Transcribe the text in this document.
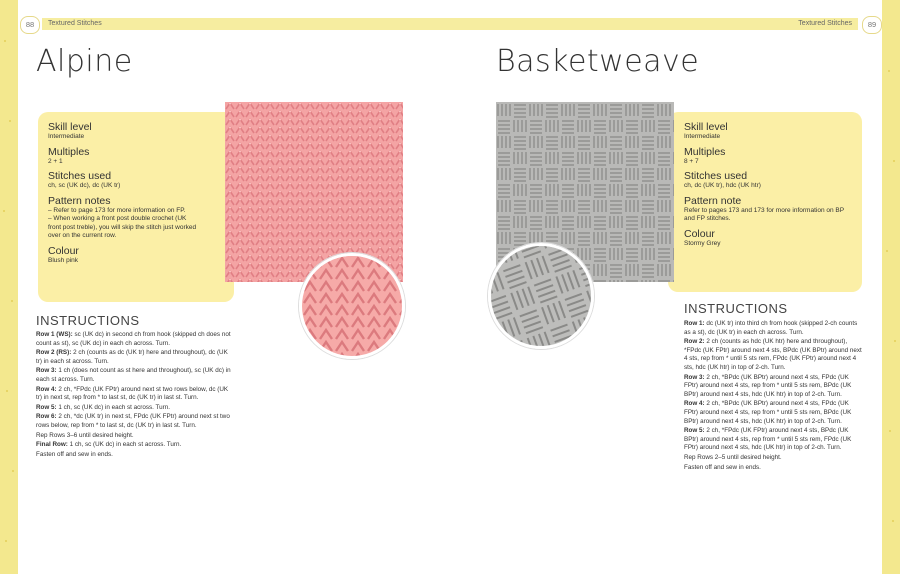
88	Textured Stitches
Alpine
Skill level
Intermediate
Multiples
2 + 1
Stitches used
ch, sc (UK dc), dc (UK tr)
Pattern notes
– Refer to page 173 for more information on FP.
– When working a front post double crochet (UK front post treble), you will skip the stitch just worked over on the current row.
Colour
Blush pink
INSTRUCTIONS

Row 1 (WS): sc (UK dc) in second ch from hook (skipped ch does not count as st), sc (UK dc) in each ch across. Turn.

Row 2 (RS): 2 ch (counts as dc (UK tr) here and throughout), dc (UK tr) in each st across. Turn.

Row 3: 1 ch (does not count as st here and throughout), sc (UK dc) in each st across. Turn.

Row 4: 2 ch, *FPdc (UK FPtr) around next st two rows below, dc (UK tr) in next st, rep from * to last st, dc (UK tr) in last st. Turn.

Row 5: 1 ch, sc (UK dc) in each st across. Turn.

Row 6: 2 ch, *dc (UK tr) in next st, FPdc (UK FPtr) around next st two rows below, rep from * to last st, dc (UK tr) in last st. Turn.

Rep Rows 3–6 until desired height.

Final Row: 1 ch, sc (UK dc) in each st across. Turn.

Fasten off and sew in ends.

Textured Stitches	89
Basketweave
Skill level
Intermediate
Multiples
8 + 7
Stitches used
ch, dc (UK tr), hdc (UK htr)
Pattern note
Refer to pages 173 and 173 for more information on BP and FP stitches.
Colour
Stormy Grey
INSTRUCTIONS

Row 1: dc (UK tr) into third ch from hook (skipped 2-ch counts as a st), dc (UK tr) in each ch across. Turn.

Row 2: 2 ch (counts as hdc (UK htr) here and throughout), *FPdc (UK FPtr) around next 4 sts, BPdc (UK BPtr) around next 4 sts, rep from * until 5 sts rem, FPdc (UK FPtr) around next 4 sts, hdc (UK htr) in top of 2-ch. Turn.

Row 3: 2 ch, *BPdc (UK BPtr) around next 4 sts, FPdc (UK FPtr) around next 4 sts, rep from * until 5 sts rem, BPdc (UK BPtr) around next 4 sts, hdc (UK htr) in top of 2-ch. Turn.

Row 4: 2 ch, *BPdc (UK BPtr) around next 4 sts, FPdc (UK FPtr) around next 4 sts, rep from * until 5 sts rem, BPdc (UK BPtr) around next 4 sts, hdc (UK htr) in top of 2-ch. Turn.

Row 5: 2 ch, *FPdc (UK FPtr) around next 4 sts, BPdc (UK BPtr) around next 4 sts, rep from * until 5 sts rem, FPdc (UK FPtr) around next 4 sts, hdc (UK htr) in top of 2-ch. Turn.

Rep Rows 2–5 until desired height.

Fasten off and sew in ends.
